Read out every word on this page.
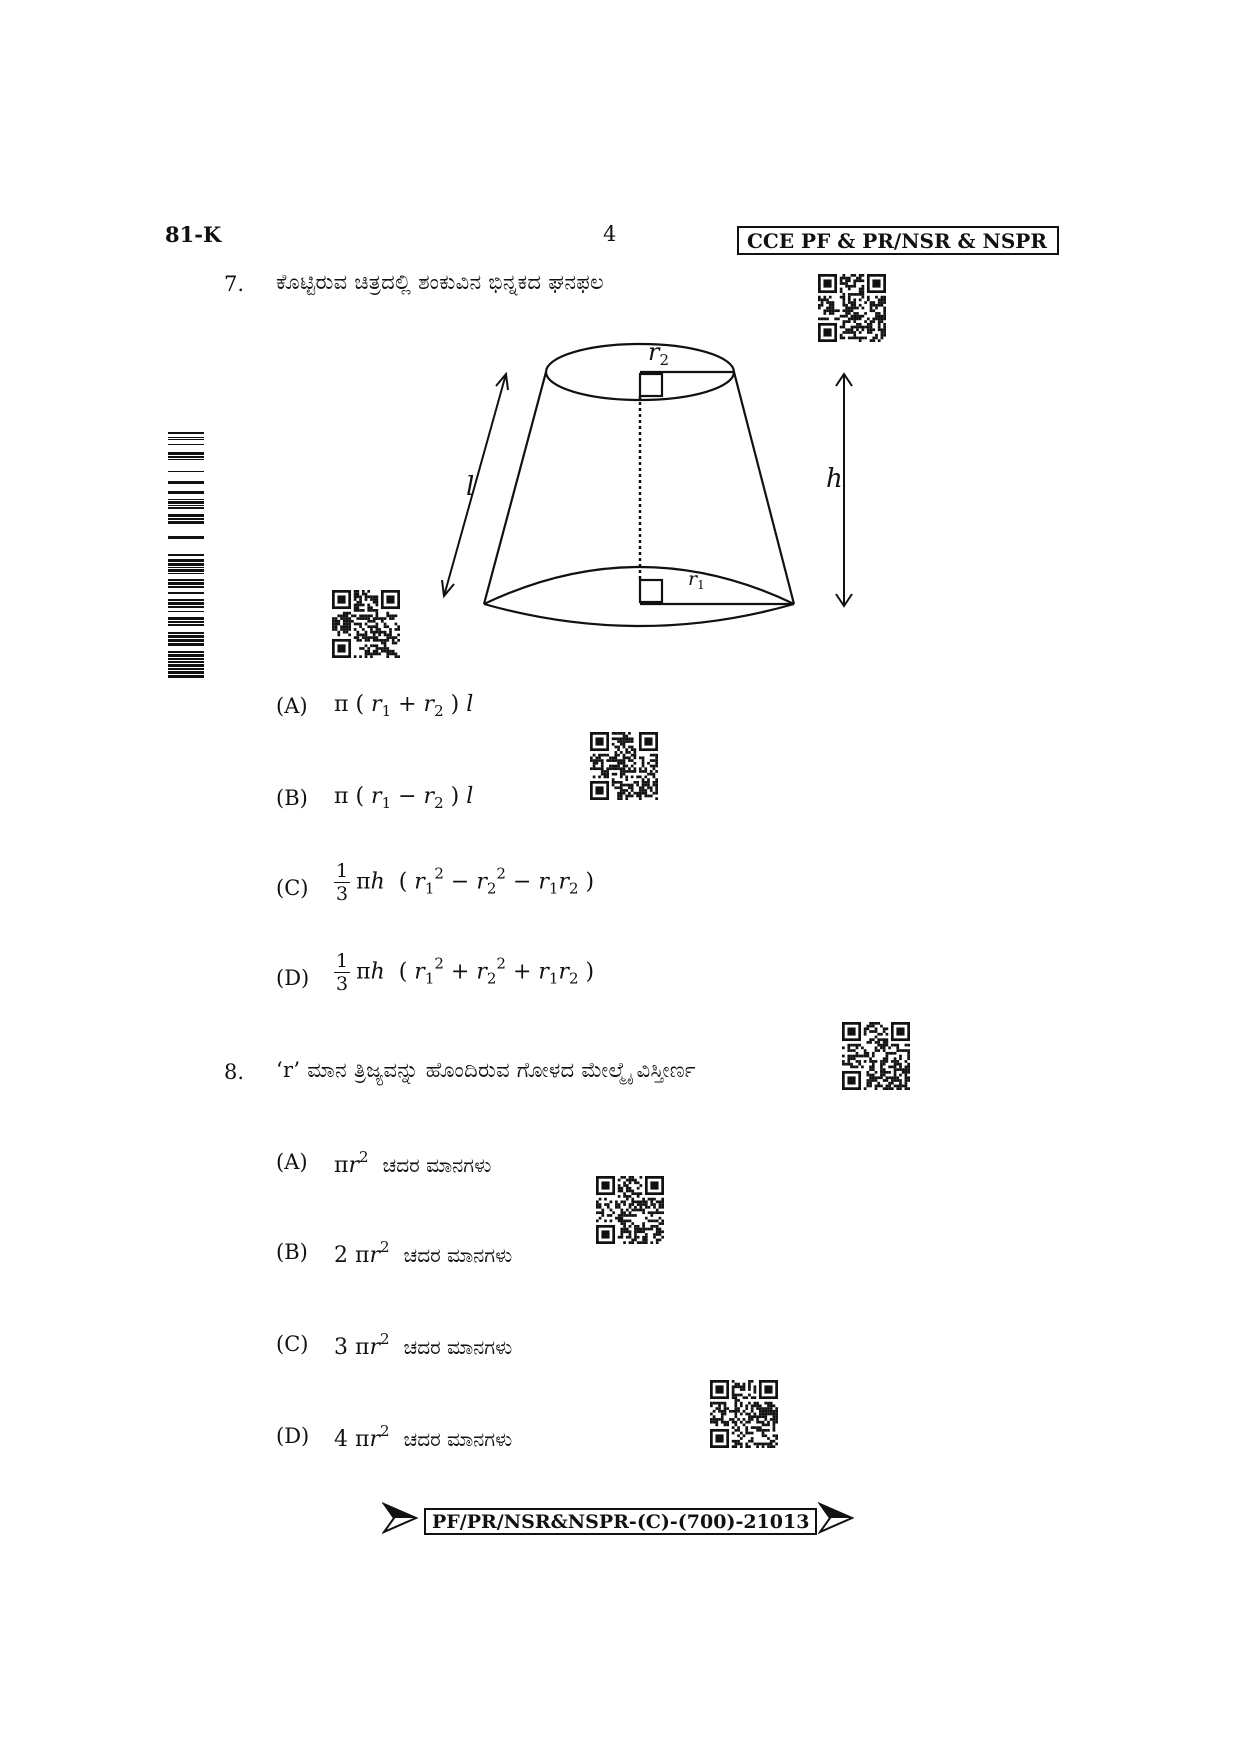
81-K	4	CCE PF & PR/NSR & NSPR
7. ಕೊಟ್ಟಿರುವ ಚಿತ್ರದಲ್ಲಿ ಶಂಕುವಿನ ಭಿನ್ನಕದ ಘನಫಲ
$r_2$
$r_1$
l	h
(A) π ( $r_1 + r_2$ ) l
(B) π ( $r_1 - r_2$ ) l
$(C) \frac{1}{3}$ πh  ( $r_1^2 - r_2^2 - r_1r_2$ )
$(D) \frac{1}{3}$ πh  ( $r_1^2 + r_2^2 + r_1r_2$ )
8. ‘r’ ಮಾನ ತ್ರಿಜ್ಯವನ್ನು ಹೊಂದಿರುವ ಗೋಳದ ಮೇಲ್ಮೈ ವಿಸ್ತೀರ್ಣ
(A) $\pi r^2$ ಚದರ ಮಾನಗಳು
(B) 2 $\pi r^2$ ಚದರ ಮಾನಗಳು
(C) 3 $\pi r^2$ ಚದರ ಮಾನಗಳು
(D) 4 $\pi r^2$ ಚದರ ಮಾನಗಳು
PF/PR/NSR&NSPR-(C)-(700)-21013
